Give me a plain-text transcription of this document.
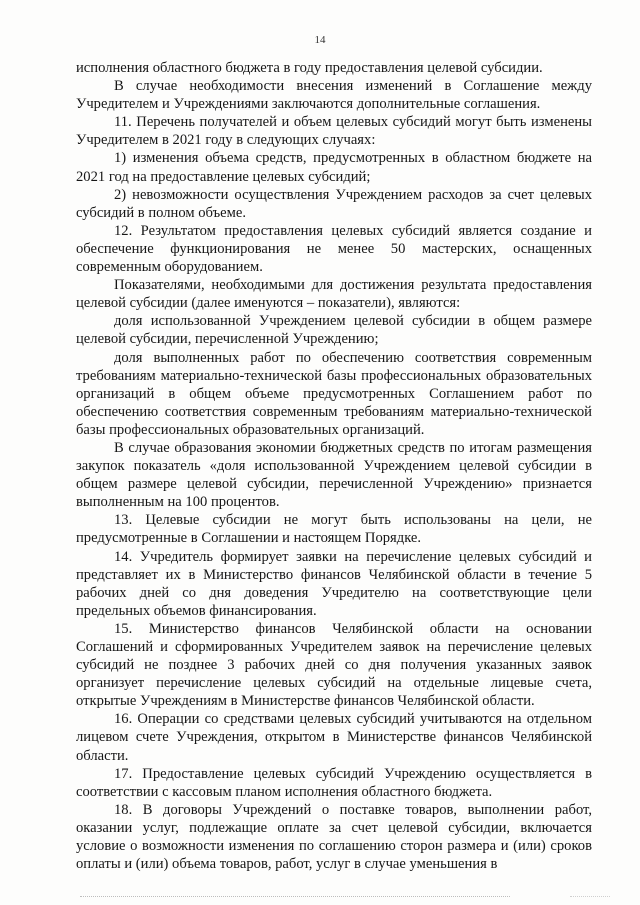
14

исполнения областного бюджета в году предоставления целевой субсидии.

В случае необходимости внесения изменений в Соглашение между Учредителем и Учреждениями заключаются дополнительные соглашения.

11. Перечень получателей и объем целевых субсидий могут быть изменены Учредителем в 2021 году в следующих случаях:

1) изменения объема средств, предусмотренных в областном бюджете на 2021 год на предоставление целевых субсидий;

2) невозможности осуществления Учреждением расходов за счет целевых субсидий в полном объеме.

12. Результатом предоставления целевых субсидий является создание и обеспечение функционирования не менее 50 мастерских, оснащенных современным оборудованием.

Показателями, необходимыми для достижения результата предоставления целевой субсидии (далее именуются – показатели), являются:

доля использованной Учреждением целевой субсидии в общем размере целевой субсидии, перечисленной Учреждению;

доля выполненных работ по обеспечению соответствия современным требованиям материально-технической базы профессиональных образовательных организаций в общем объеме предусмотренных Соглашением работ по обеспечению соответствия современным требованиям материально-технической базы профессиональных образовательных организаций.

В случае образования экономии бюджетных средств по итогам размещения закупок показатель «доля использованной Учреждением целевой субсидии в общем размере целевой субсидии, перечисленной Учреждению» признается выполненным на 100 процентов.

13. Целевые субсидии не могут быть использованы на цели, не предусмотренные в Соглашении и настоящем Порядке.

14. Учредитель формирует заявки на перечисление целевых субсидий и представляет их в Министерство финансов Челябинской области в течение 5 рабочих дней со дня доведения Учредителю на соответствующие цели предельных объемов финансирования.

15. Министерство финансов Челябинской области на основании Соглашений и сформированных Учредителем заявок на перечисление целевых субсидий не позднее 3 рабочих дней со дня получения указанных заявок организует перечисление целевых субсидий на отдельные лицевые счета, открытые Учреждениям в Министерстве финансов Челябинской области.

16. Операции со средствами целевых субсидий учитываются на отдельном лицевом счете Учреждения, открытом в Министерстве финансов Челябинской области.

17. Предоставление целевых субсидий Учреждению осуществляется в соответствии с кассовым планом исполнения областного бюджета.

18. В договоры Учреждений о поставке товаров, выполнении работ, оказании услуг, подлежащие оплате за счет целевой субсидии, включается условие о возможности изменения по соглашению сторон размера и (или) сроков оплаты и (или) объема товаров, работ, услуг в случае уменьшения в
